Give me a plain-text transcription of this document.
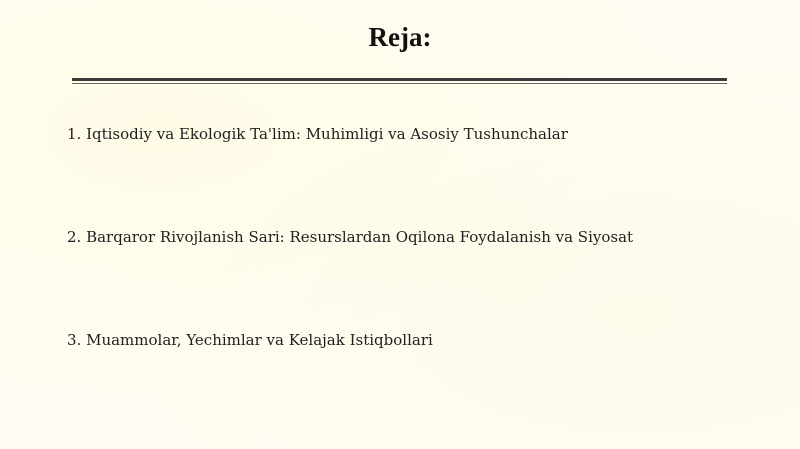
Reja:
1. Iqtisodiy va Ekologik Ta'lim: Muhimligi va Asosiy Tushunchalar
2. Barqaror Rivojlanish Sari: Resurslardan Oqilona Foydalanish va Siyosat
3. Muammolar, Yechimlar va Kelajak Istiqbollari
